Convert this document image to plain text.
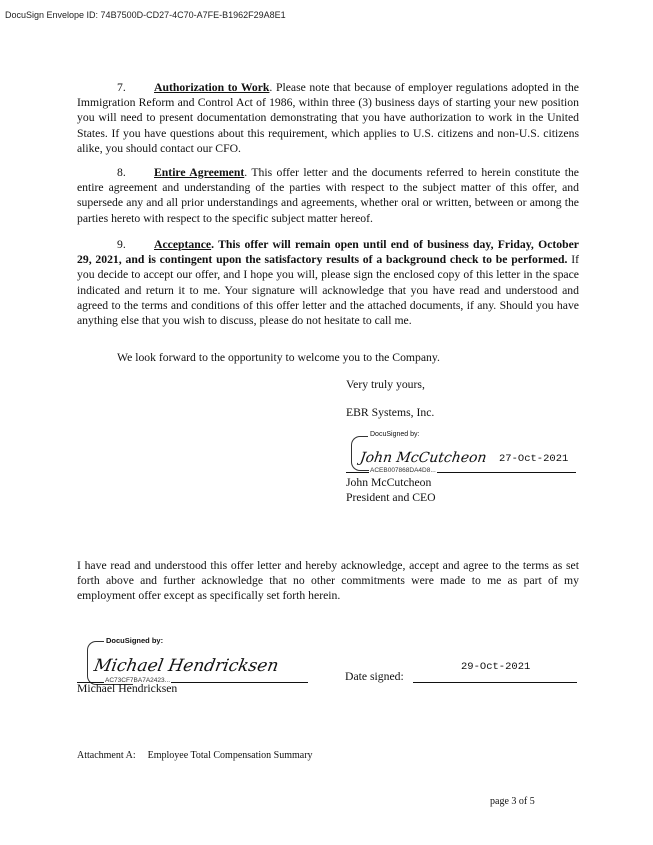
DocuSign Envelope ID: 74B7500D-CD27-4C70-A7FE-B1962F29A8E1

7. Authorization to Work. Please note that because of employer regulations adopted in the Immigration Reform and Control Act of 1986, within three (3) business days of starting your new position you will need to present documentation demonstrating that you have authorization to work in the United States. If you have questions about this requirement, which applies to U.S. citizens and non-U.S. citizens alike, you should contact our CFO.

8. Entire Agreement. This offer letter and the documents referred to herein constitute the entire agreement and understanding of the parties with respect to the subject matter of this offer, and supersede any and all prior understandings and agreements, whether oral or written, between or among the parties hereto with respect to the specific subject matter hereof.

9. Acceptance. This offer will remain open until end of business day, Friday, October 29, 2021, and is contingent upon the satisfactory results of a background check to be performed. If you decide to accept our offer, and I hope you will, please sign the enclosed copy of this letter in the space indicated and return it to me. Your signature will acknowledge that you have read and understood and agreed to the terms and conditions of this offer letter and the attached documents, if any. Should you have anything else that you wish to discuss, please do not hesitate to call me.

We look forward to the opportunity to welcome you to the Company.
Very truly yours,
EBR Systems, Inc.
DocuSigned by:
John McCutcheon 27-Oct-2021
ACEB007868DA4D8...
John McCutcheon
President and CEO

I have read and understood this offer letter and hereby acknowledge, accept and agree to the terms as set forth above and further acknowledge that no other commitments were made to me as part of my employment offer except as specifically set forth herein.

DocuSigned by:
Michael Hendricksen
AC73CF7BA7A2423...
Michael Hendricksen
Date signed:
29-Oct-2021
Attachment A: Employee Total Compensation Summary
page 3 of 5
